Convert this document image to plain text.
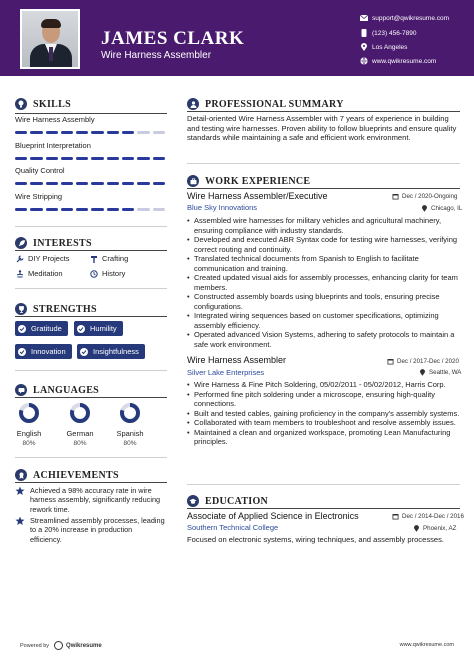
JAMES CLARK
Wire Harness Assembler
support@qwikresume.com
(123) 456-7890
Los Angeles
www.qwikresume.com
SKILLS
Wire Harness Assembly
Blueprint Interpretation
Quality Control
Wire Stripping
INTERESTS
DIY Projects	Crafting
Meditation	History
STRENGTHS
Gratitude	Humility
Innovation	Insightfulness
LANGUAGES
English
80%
German
80%
Spanish
80%
ACHIEVEMENTS
Achieved a 98% accuracy rate in wire harness assembly, significantly reducing rework time.
Streamlined assembly processes, leading to a 20% increase in production efficiency.
PROFESSIONAL SUMMARY
Detail-oriented Wire Harness Assembler with 7 years of experience in building and testing wire harnesses. Proven ability to follow blueprints and ensure quality standards while maintaining a safe and efficient work environment.
WORK EXPERIENCE
Wire Harness Assembler/Executive	Dec / 2020-Ongoing
Blue Sky Innovations	Chicago, IL
• Assembled wire harnesses for military vehicles and agricultural machinery, ensuring compliance with industry standards.
• Developed and executed ABR Syntax code for testing wire harnesses, verifying correct routing and continuity.
• Translated technical documents from Spanish to English to facilitate communication and training.
• Created updated visual aids for assembly processes, enhancing clarity for team members.
• Constructed assembly boards using blueprints and tools, ensuring precise configurations.
• Integrated wiring sequences based on customer specifications, optimizing assembly efficiency.
• Operated advanced Vision Systems, adhering to safety protocols to maintain a safe work environment.
Wire Harness Assembler	Dec / 2017-Dec / 2020
Silver Lake Enterprises	Seattle, WA
• Wire Harness & Fine Pitch Soldering, 05/02/2011 - 05/02/2012, Harris Corp.
• Performed fine pitch soldering under a microscope, ensuring high-quality connections.
• Built and tested cables, gaining proficiency in the company's assembly systems.
• Collaborated with team members to troubleshoot and resolve assembly issues.
• Maintained a clean and organized workspace, promoting Lean Manufacturing principles.
EDUCATION
Associate of Applied Science in Electronics	Dec / 2014-Dec / 2016
Southern Technical College	Phoenix, AZ
Focused on electronic systems, wiring techniques, and assembly processes.
Powered by	Qwikresume	www.qwikresume.com
